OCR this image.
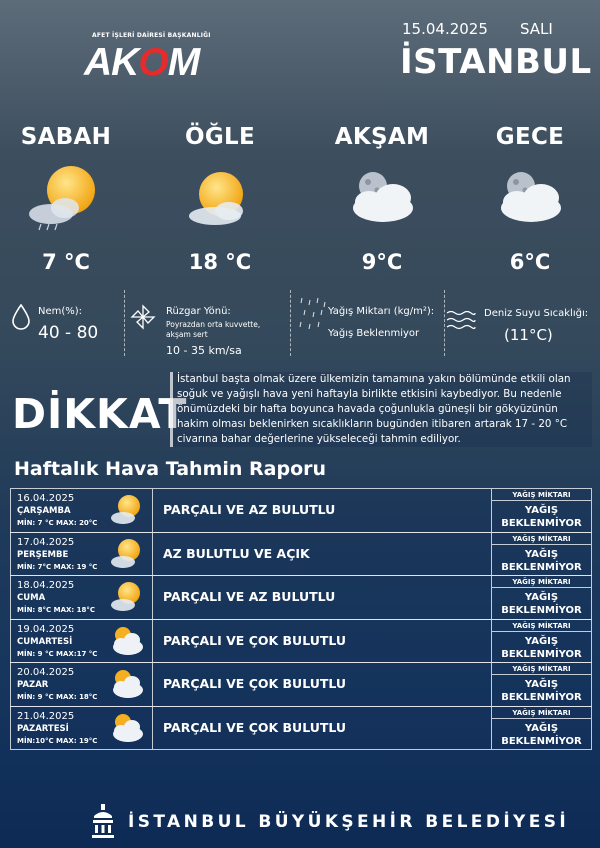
AFET İŞLERİ DAİRESİ BAŞKANLIĞI
AKOM
15.04.2025 SALI
İSTANBUL
SABAH
7 °C
ÖĞLE
18 °C
AKŞAM
9°C
GECE
6°C
Nem(%):
40 - 80
Rüzgar Yönü:
Poyrazdan orta kuvvette, akşam sert
10 - 35 km/sa
Yağış Miktarı (kg/m²):
Yağış Beklenmiyor
Deniz Suyu Sıcaklığı:
(11°C)
DİKKAT
İstanbul başta olmak üzere ülkemizin tamamına yakın bölümünde etkili olan soğuk ve yağışlı hava yeni haftayla birlikte etkisini kaybediyor. Bu nedenle önümüzdeki bir hafta boyunca havada çoğunlukla güneşli bir gökyüzünün hakim olması beklenirken sıcaklıkların bugünden itibaren artarak 17 - 20 °C civarına bahar değerlerine yükseleceği tahmin ediliyor.
Haftalık Hava Tahmin Raporu
16.04.2025
ÇARŞAMBA
MİN: 7 °C MAX: 20°C
PARÇALI VE AZ BULUTLU
YAĞIŞ MİKTARI
YAĞIŞ
BEKLENMİYOR
17.04.2025
PERŞEMBE
MİN: 7°C MAX: 19 °C
AZ BULUTLU VE AÇIK
YAĞIŞ MİKTARI
YAĞIŞ
BEKLENMİYOR
18.04.2025
CUMA
MİN: 8°C MAX: 18°C
PARÇALI VE AZ BULUTLU
YAĞIŞ MİKTARI
YAĞIŞ
BEKLENMİYOR
19.04.2025
CUMARTESİ
MİN: 9 °C MAX:17 °C
PARÇALI VE ÇOK BULUTLU
YAĞIŞ MİKTARI
YAĞIŞ
BEKLENMİYOR
20.04.2025
PAZAR
MİN: 9 °C MAX: 18°C
PARÇALI VE ÇOK BULUTLU
YAĞIŞ MİKTARI
YAĞIŞ
BEKLENMİYOR
21.04.2025
PAZARTESİ
MİN:10°C MAX: 19°C
PARÇALI VE ÇOK BULUTLU
YAĞIŞ MİKTARI
YAĞIŞ
BEKLENMİYOR
İSTANBUL BÜYÜKŞEHİR BELEDİYESİ
